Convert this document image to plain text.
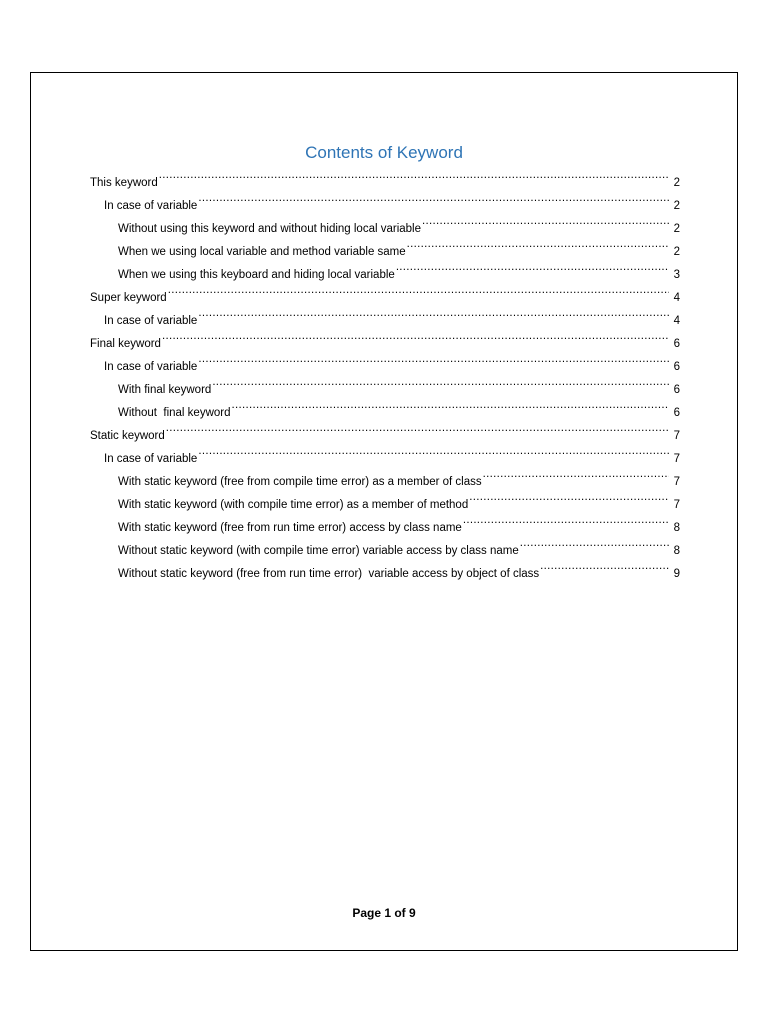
Contents of Keyword
This keyword .....	2
In case of variable .....	2
Without using this keyword and without hiding local variable .....	2
When we using local variable and method variable same .....	2
When we using this keyboard and hiding local variable .....	3
Super keyword .....	4
In case of variable .....	4
Final keyword .....	6
In case of variable .....	6
With final keyword .....	6
Without  final keyword .....	6
Static keyword .....	7
In case of variable .....	7
With static keyword (free from compile time error) as a member of class .....	7
With static keyword (with compile time error) as a member of method .....	7
With static keyword (free from run time error) access by class name .....	8
Without static keyword (with compile time error) variable access by class name .....	8
Without static keyword (free from run time error)  variable access by object of class .....	9
Page 1 of 9
